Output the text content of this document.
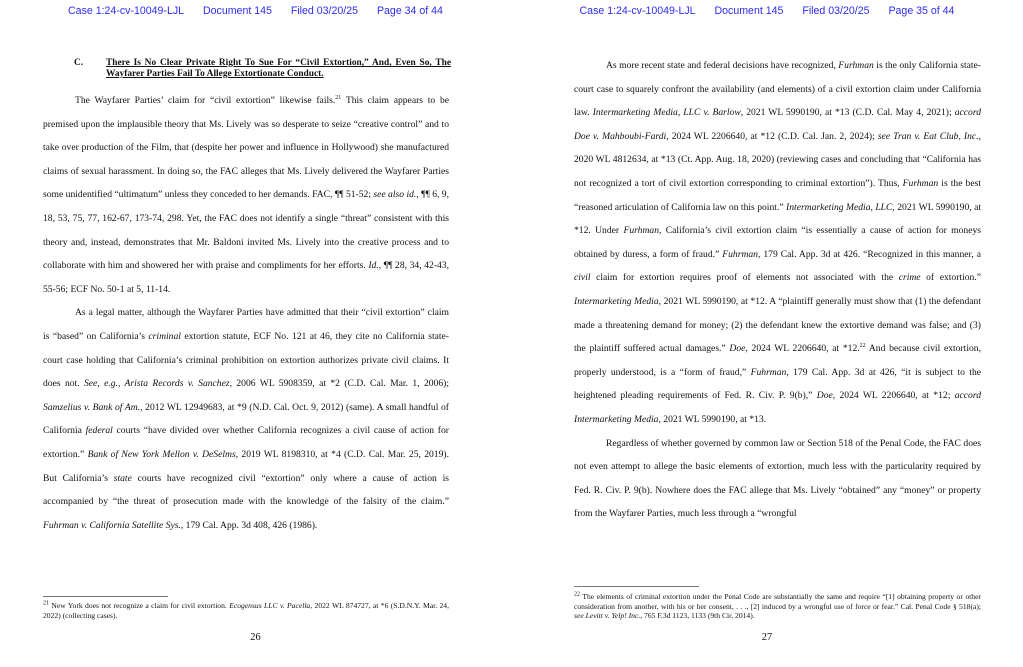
Case 1:24-cv-10049-LJL Document 145 Filed 03/20/25 Page 34 of 44
C. There Is No Clear Private Right To Sue For “Civil Extortion,” And, Even So, The Wayfarer Parties Fail To Allege Extortionate Conduct.

The Wayfarer Parties’ claim for “civil extortion” likewise fails.$^{21}$ This claim appears to be premised upon the implausible theory that Ms. Lively was so desperate to seize “creative control” and to take over production of the Film, that (despite her power and influence in Hollywood) she manufactured claims of sexual harassment. In doing so, the FAC alleges that Ms. Lively delivered the Wayfarer Parties some unidentified “ultimatum” unless they conceded to her demands. FAC, ¶¶ 51-52; see also id., ¶¶ 6, 9, 18, 53, 75, 77, 162-67, 173-74, 298. Yet, the FAC does not identify a single “threat” consistent with this theory and, instead, demonstrates that Mr. Baldoni invited Ms. Lively into the creative process and to collaborate with him and showered her with praise and compliments for her efforts. Id., ¶¶ 28, 34, 42-43, 55-56; ECF No. 50-1 at 5, 11-14.

As a legal matter, although the Wayfarer Parties have admitted that their “civil extortion” claim is “based” on California’s criminal extortion statute, ECF No. 121 at 46, they cite no California state-court case holding that California’s criminal prohibition on extortion authorizes private civil claims. It does not. See, e.g., Arista Records v. Sanchez, 2006 WL 5908359, at *2 (C.D. Cal. Mar. 1, 2006); Samzelius v. Bank of Am., 2012 WL 12949683, at *9 (N.D. Cal. Oct. 9, 2012) (same). A small handful of California federal courts “have divided over whether California recognizes a civil cause of action for extortion.” Bank of New York Mellon v. DeSelms, 2019 WL 8198310, at *4 (C.D. Cal. Mar. 25, 2019). But California’s state courts have recognized civil “extortion” only where a cause of action is accompanied by “the threat of prosecution made with the knowledge of the falsity of the claim.” Fuhrman v. California Satellite Sys., 179 Cal. App. 3d 408, 426 (1986).

$^{21}$ New York does not recognize a claim for civil extortion. Ecogensus LLC v. Pacella, 2022 WL 874727, at *6 (S.D.N.Y. Mar. 24, 2022) (collecting cases).
26
Case 1:24-cv-10049-LJL Document 145 Filed 03/20/25 Page 35 of 44

As more recent state and federal decisions have recognized, Furhman is the only California state-court case to squarely confront the availability (and elements) of a civil extortion claim under California law. Intermarketing Media, LLC v. Barlow, 2021 WL 5990190, at *13 (C.D. Cal. May 4, 2021); accord Doe v. Mahboubi-Fardi, 2024 WL 2206640, at *12 (C.D. Cal. Jan. 2, 2024); see Tran v. Eat Club, Inc., 2020 WL 4812634, at *13 (Ct. App. Aug. 18, 2020) (reviewing cases and concluding that “California has not recognized a tort of civil extortion corresponding to criminal extortion”). Thus, Furhman is the best “reasoned articulation of California law on this point.” Intermarketing Media, LLC, 2021 WL 5990190, at *12. Under Furhman, California’s civil extortion claim “is essentially a cause of action for moneys obtained by duress, a form of fraud.” Fuhrman, 179 Cal. App. 3d at 426. “Recognized in this manner, a civil claim for extortion requires proof of elements not associated with the crime of extortion.” Intermarketing Media, 2021 WL 5990190, at *12. A “plaintiff generally must show that (1) the defendant made a threatening demand for money; (2) the defendant knew the extortive demand was false; and (3) the plaintiff suffered actual damages.” Doe, 2024 WL 2206640, at *12.22 And because civil extortion, properly understood, is a “form of fraud,” Fuhrman, 179 Cal. App. 3d at 426, “it is subject to the heightened pleading requirements of Fed. R. Civ. P. 9(b),” Doe, 2024 WL 2206640, at *12; accord Intermarketing Media, 2021 WL 5990190, at *13.

Regardless of whether governed by common law or Section 518 of the Penal Code, the FAC does not even attempt to allege the basic elements of extortion, much less with the particularity required by Fed. R. Civ. P. 9(b). Nowhere does the FAC allege that Ms. Lively “obtained” any “money” or property from the Wayfarer Parties, much less through a “wrongful

$^{22}$ The elements of criminal extortion under the Penal Code are substantially the same and require “[1] obtaining property or other consideration from another, with his or her consent, . . ., [2] induced by a wrongful use of force or fear.” Cal. Penal Code § 518(a); see Levitt v. Yelp! Inc., 765 F.3d 1123, 1133 (9th Cir. 2014).
27
